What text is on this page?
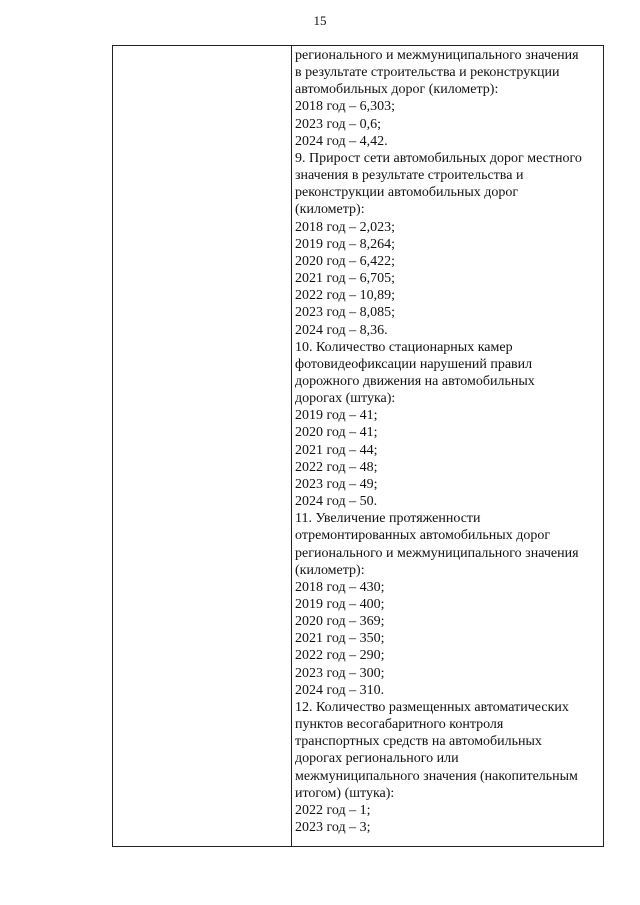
15
регионального и межмуниципального значения
в результате строительства и реконструкции
автомобильных дорог (километр):
2018 год – 6,303;
2023 год – 0,6;
2024 год – 4,42.
9. Прирост сети автомобильных дорог местного
значения в результате строительства и
реконструкции автомобильных дорог
(километр):
2018 год – 2,023;
2019 год – 8,264;
2020 год – 6,422;
2021 год – 6,705;
2022 год – 10,89;
2023 год – 8,085;
2024 год – 8,36.
10. Количество стационарных камер
фотовидеофиксации нарушений правил
дорожного движения на автомобильных
дорогах (штука):
2019 год – 41;
2020 год – 41;
2021 год – 44;
2022 год – 48;
2023 год – 49;
2024 год – 50.
11. Увеличение протяженности
отремонтированных автомобильных дорог
регионального и межмуниципального значения
(километр):
2018 год – 430;
2019 год – 400;
2020 год – 369;
2021 год – 350;
2022 год – 290;
2023 год – 300;
2024 год – 310.
12. Количество размещенных автоматических
пунктов весогабаритного контроля
транспортных средств на автомобильных
дорогах регионального или
межмуниципального значения (накопительным
итогом) (штука):
2022 год – 1;
2023 год – 3;
